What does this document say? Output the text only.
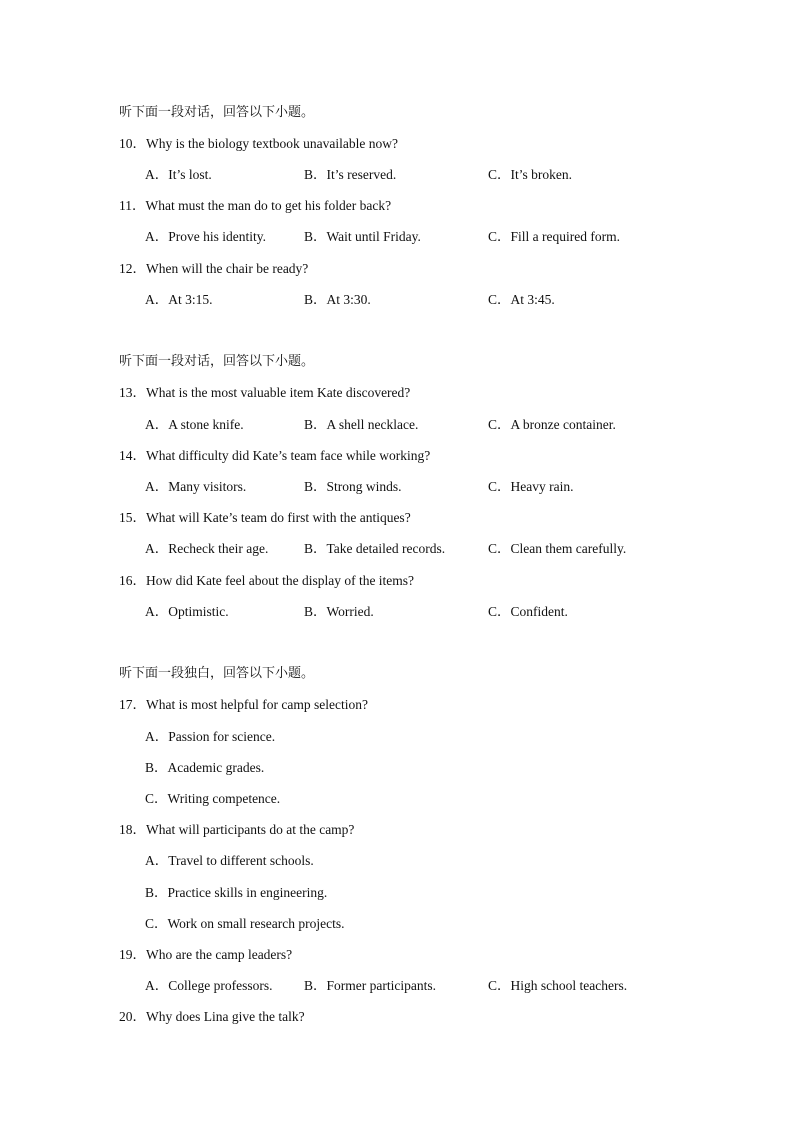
听下面一段对话，回答以下小题。
10．Why is the biology textbook unavailable now?
A．It’s lost.	B．It’s reserved.	C．It’s broken.
11．What must the man do to get his folder back?
A．Prove his identity.	B．Wait until Friday.	C．Fill a required form.
12．When will the chair be ready?
A．At 3:15.	B．At 3:30.	C．At 3:45.
听下面一段对话，回答以下小题。
13．What is the most valuable item Kate discovered?
A．A stone knife.	B．A shell necklace.	C．A bronze container.
14．What difficulty did Kate’s team face while working?
A．Many visitors.	B．Strong winds.	C．Heavy rain.
15．What will Kate’s team do first with the antiques?
A．Recheck their age.	B．Take detailed records.	C．Clean them carefully.
16．How did Kate feel about the display of the items?
A．Optimistic.	B．Worried.	C．Confident.
听下面一段独白，回答以下小题。
17．What is most helpful for camp selection?
A．Passion for science.
B．Academic grades.
C．Writing competence.
18．What will participants do at the camp?
A．Travel to different schools.
B．Practice skills in engineering.
C．Work on small research projects.
19．Who are the camp leaders?
A．College professors. B．Former participants.	C．High school teachers.
20．Why does Lina give the talk?
